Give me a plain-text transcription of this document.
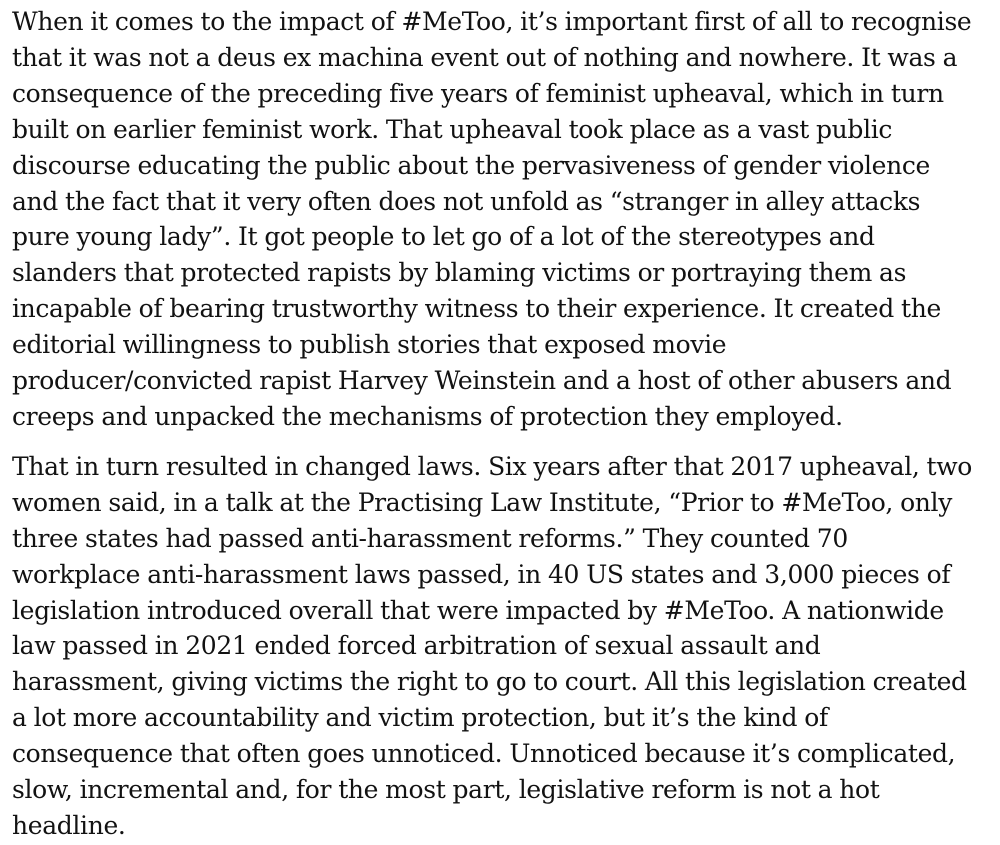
When it comes to the impact of #MeToo, it’s important first of all to recognise
that it was not a deus ex machina event out of nothing and nowhere. It was a
consequence of the preceding five years of feminist upheaval, which in turn
built on earlier feminist work. That upheaval took place as a vast public
discourse educating the public about the pervasiveness of gender violence
and the fact that it very often does not unfold as “stranger in alley attacks
pure young lady”. It got people to let go of a lot of the stereotypes and
slanders that protected rapists by blaming victims or portraying them as
incapable of bearing trustworthy witness to their experience. It created the
editorial willingness to publish stories that exposed movie
producer/convicted rapist Harvey Weinstein and a host of other abusers and
creeps and unpacked the mechanisms of protection they employed.

That in turn resulted in changed laws. Six years after that 2017 upheaval, two
women said, in a talk at the Practising Law Institute, “Prior to #MeToo, only
three states had passed anti-harassment reforms.” They counted 70
workplace anti-harassment laws passed, in 40 US states and 3,000 pieces of
legislation introduced overall that were impacted by #MeToo. A nationwide
law passed in 2021 ended forced arbitration of sexual assault and
harassment, giving victims the right to go to court. All this legislation created
a lot more accountability and victim protection, but it’s the kind of
consequence that often goes unnoticed. Unnoticed because it’s complicated,
slow, incremental and, for the most part, legislative reform is not a hot
headline.
